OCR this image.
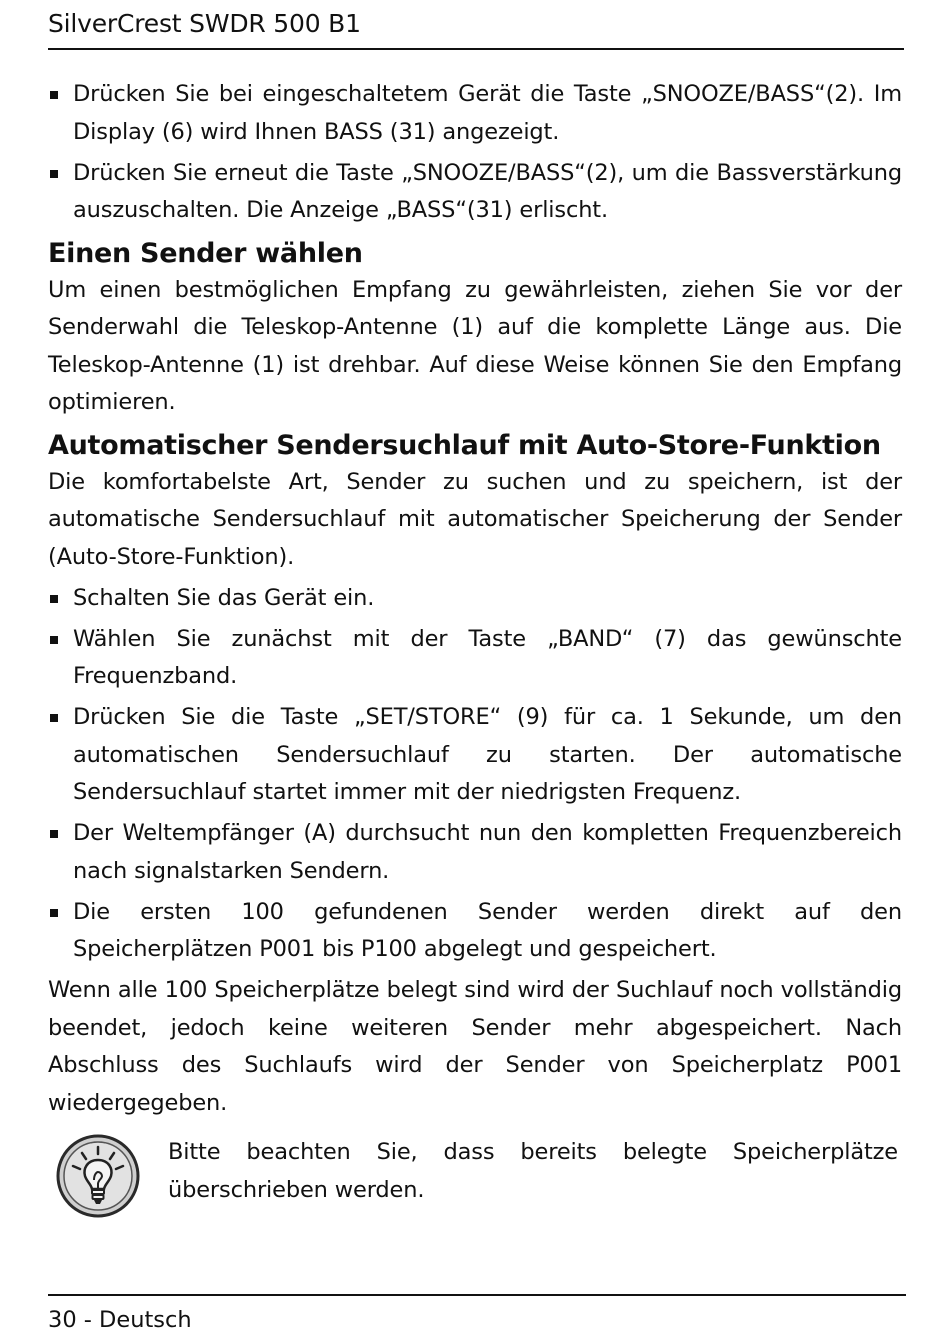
SilverCrest SWDR 500 B1
Drücken Sie bei eingeschaltetem Gerät die Taste „SNOOZE/BASS“(2). Im Display (6) wird Ihnen BASS (31) angezeigt.
Drücken Sie erneut die Taste „SNOOZE/BASS“(2), um die Bassverstärkung auszuschalten. Die Anzeige „BASS“(31) erlischt.
Einen Sender wählen

Um einen bestmöglichen Empfang zu gewährleisten, ziehen Sie vor der Senderwahl die Teleskop-Antenne (1) auf die komplette Länge aus. Die Teleskop-Antenne (1) ist drehbar. Auf diese Weise können Sie den Empfang optimieren.

Automatischer Sendersuchlauf mit Auto-Store-Funktion

Die komfortabelste Art, Sender zu suchen und zu speichern, ist der automatische Sendersuchlauf mit automatischer Speicherung der Sender (Auto-Store-Funktion).

Schalten Sie das Gerät ein.
Wählen Sie zunächst mit der Taste „BAND“ (7) das gewünschte Frequenzband.
Drücken Sie die Taste „SET/STORE“ (9) für ca. 1 Sekunde, um den automatischen Sendersuchlauf zu starten. Der automatische Sendersuchlauf startet immer mit der niedrigsten Frequenz.
Der Weltempfänger (A) durchsucht nun den kompletten Frequenzbereich nach signalstarken Sendern.
Die ersten 100 gefundenen Sender werden direkt auf den Speicherplätzen P001 bis P100 abgelegt und gespeichert.

Wenn alle 100 Speicherplätze belegt sind wird der Suchlauf noch vollständig beendet, jedoch keine weiteren Sender mehr abgespeichert. Nach Abschluss des Suchlaufs wird der Sender von Speicherplatz P001 wiedergegeben.

Bitte beachten Sie, dass bereits belegte Speicherplätze überschrieben werden.
30 - Deutsch
